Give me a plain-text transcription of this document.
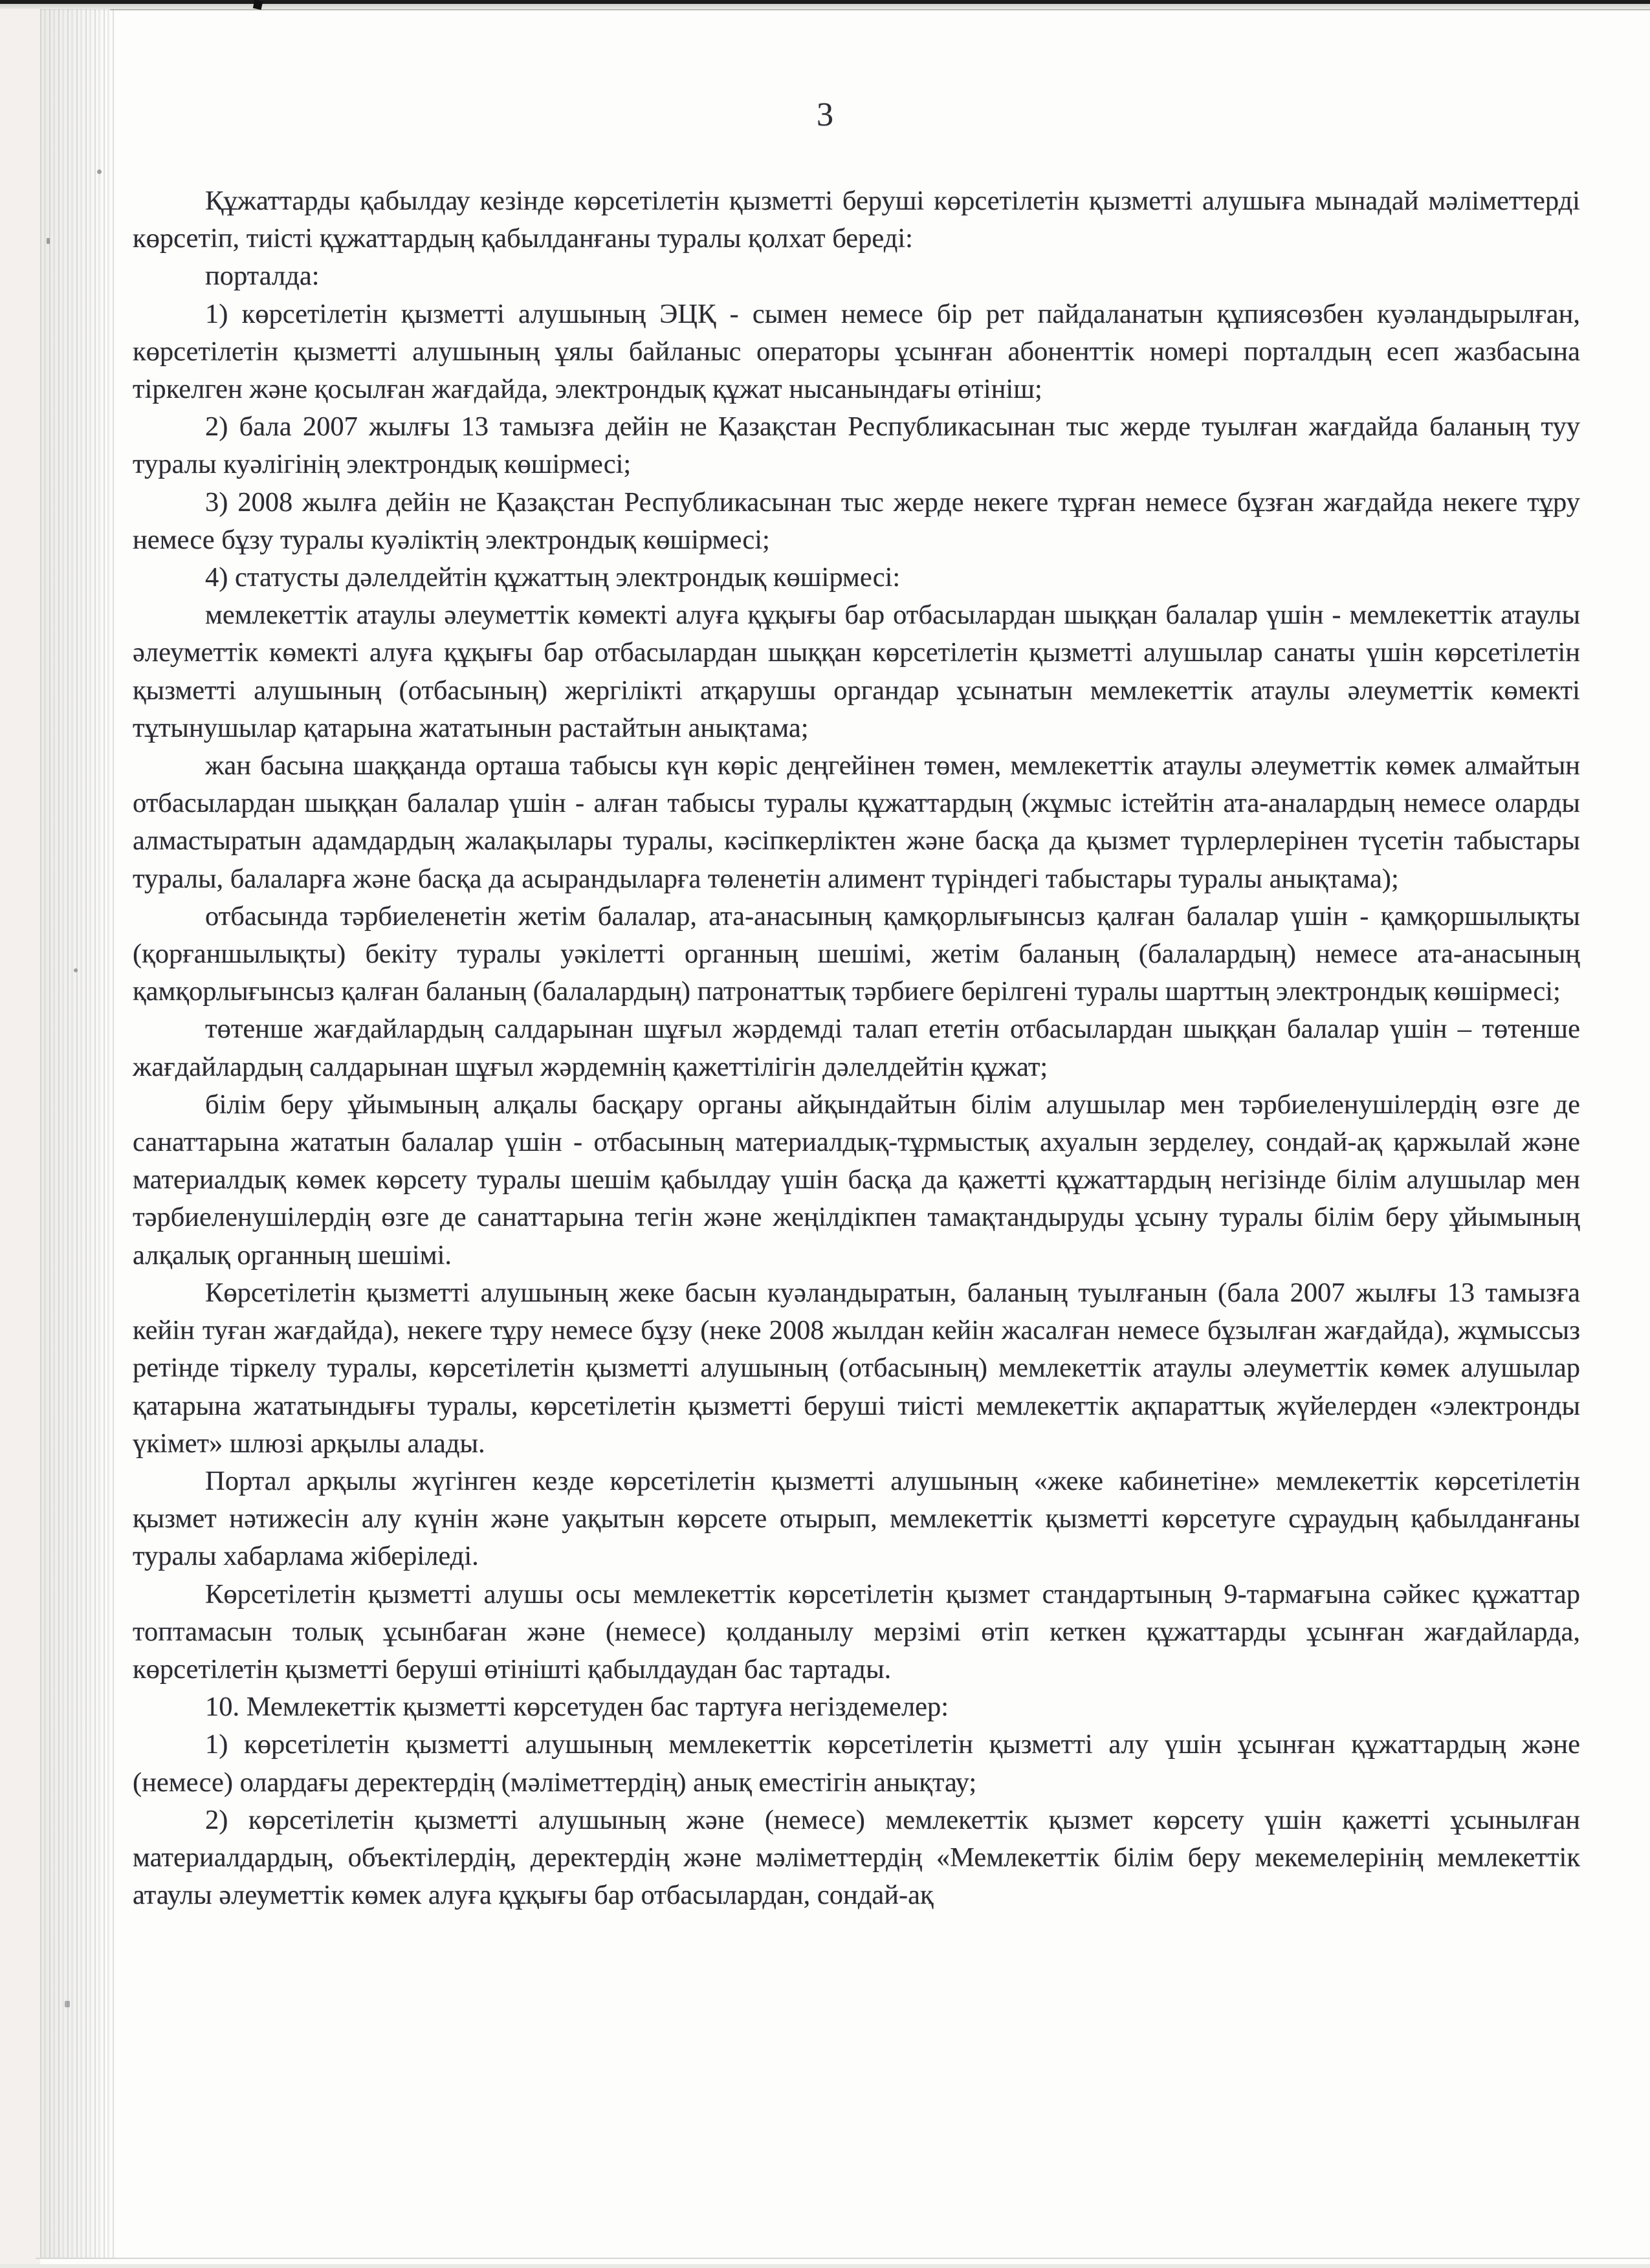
3

Құжаттарды қабылдау кезінде көрсетілетін қызметті беруші көрсетілетін қызметті алушыға мынадай мәліметтерді көрсетіп, тиісті құжаттардың қабылданғаны туралы қолхат береді:

порталда:

1) көрсетілетін қызметті алушының ЭЦҚ - сымен немесе бір рет пайдаланатын құпиясөзбен куәландырылған, көрсетілетін қызметті алушының ұялы байланыс операторы ұсынған абоненттік номері порталдың есеп жазбасына тіркелген және қосылған жағдайда, электрондық құжат нысанындағы өтініш;

2) бала 2007 жылғы 13 тамызға дейін не Қазақстан Республикасынан тыс жерде туылған жағдайда баланың туу туралы куәлігінің электрондық көшірмесі;

3) 2008 жылға дейін не Қазақстан Республикасынан тыс жерде некеге тұрған немесе бұзған жағдайда некеге тұру немесе бұзу туралы куәліктің электрондық көшірмесі;

4) статусты дәлелдейтін құжаттың электрондық көшірмесі:

мемлекеттік атаулы әлеуметтік көмекті алуға құқығы бар отбасылардан шыққан балалар үшін - мемлекеттік атаулы әлеуметтік көмекті алуға құқығы бар отбасылардан шыққан көрсетілетін қызметті алушылар санаты үшін көрсетілетін қызметті алушының (отбасының) жергілікті атқарушы органдар ұсынатын мемлекеттік атаулы әлеуметтік көмекті тұтынушылар қатарына жататынын растайтын анықтама;

жан басына шаққанда орташа табысы күн көріс деңгейінен төмен, мемлекеттік атаулы әлеуметтік көмек алмайтын отбасылардан шыққан балалар үшін - алған табысы туралы құжаттардың (жұмыс істейтін ата-аналардың немесе оларды алмастыратын адамдардың жалақылары туралы, кәсіпкерліктен және басқа да қызмет түрлерлерінен түсетін табыстары туралы, балаларға және басқа да асырандыларға төленетін алимент түріндегі табыстары туралы анықтама);

отбасында тәрбиеленетін жетім балалар, ата-анасының қамқорлығынсыз қалған балалар үшін - қамқоршылықты (қорғаншылықты) бекіту туралы уәкілетті органның шешімі, жетім баланың (балалардың) немесе ата-анасының қамқорлығынсыз қалған баланың (балалардың) патронаттық тәрбиеге берілгені туралы шарттың электрондық көшірмесі;

төтенше жағдайлардың салдарынан шұғыл жәрдемді талап ететін отбасылардан шыққан балалар үшін – төтенше жағдайлардың салдарынан шұғыл жәрдемнің қажеттілігін дәлелдейтін құжат;

білім беру ұйымының алқалы басқару органы айқындайтын білім алушылар мен тәрбиеленушілердің өзге де санаттарына жататын балалар үшін - отбасының материалдық-тұрмыстық ахуалын зерделеу, сондай-ақ қаржылай және материалдық көмек көрсету туралы шешім қабылдау үшін басқа да қажетті құжаттардың негізінде білім алушылар мен тәрбиеленушілердің өзге де санаттарына тегін және жеңілдікпен тамақтандыруды ұсыну туралы білім беру ұйымының алқалық органның шешімі.

Көрсетілетін қызметті алушының жеке басын куәландыратын, баланың туылғанын (бала 2007 жылғы 13 тамызға кейін туған жағдайда), некеге тұру немесе бұзу (неке 2008 жылдан кейін жасалған немесе бұзылған жағдайда), жұмыссыз ретінде тіркелу туралы, көрсетілетін қызметті алушының (отбасының) мемлекеттік атаулы әлеуметтік көмек алушылар қатарына жататындығы туралы, көрсетілетін қызметті беруші тиісті мемлекеттік ақпараттық жүйелерден «электронды үкімет» шлюзі арқылы алады.

Портал арқылы жүгінген кезде көрсетілетін қызметті алушының «жеке кабинетіне» мемлекеттік көрсетілетін қызмет нәтижесін алу күнін және уақытын көрсете отырып, мемлекеттік қызметті көрсетуге сұраудың қабылданғаны туралы хабарлама жіберіледі.

Көрсетілетін қызметті алушы осы мемлекеттік көрсетілетін қызмет стандартының 9-тармағына сәйкес құжаттар топтамасын толық ұсынбаған және (немесе) қолданылу мерзімі өтіп кеткен құжаттарды ұсынған жағдайларда, көрсетілетін қызметті беруші өтінішті қабылдаудан бас тартады.

10. Мемлекеттік қызметті көрсетуден бас тартуға негіздемелер:

1) көрсетілетін қызметті алушының мемлекеттік көрсетілетін қызметті алу үшін ұсынған құжаттардың және (немесе) олардағы деректердің (мәліметтердің) анық еместігін анықтау;

2) көрсетілетін қызметті алушының және (немесе) мемлекеттік қызмет көрсету үшін қажетті ұсынылған материалдардың, объектілердің, деректердің және мәліметтердің «Мемлекеттік білім беру мекемелерінің мемлекеттік атаулы әлеуметтік көмек алуға құқығы бар отбасылардан, сондай-ақ
